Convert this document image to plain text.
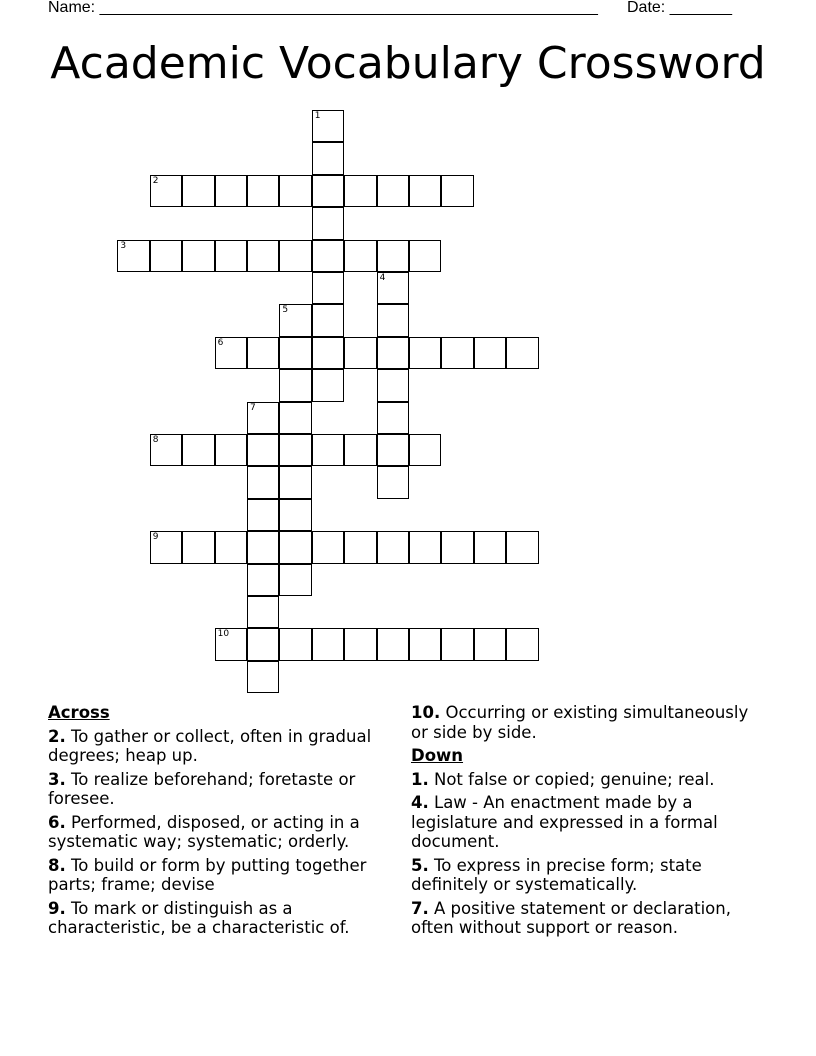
Name: ________________________________________________________ Date: _______
Academic Vocabulary Crossword
1
2
3
4
5
6
7
8
9
10
Across
2. To gather or collect, often in gradual degrees; heap up.
3. To realize beforehand; foretaste or foresee.
6. Performed, disposed, or acting in a systematic way; systematic; orderly.
8. To build or form by putting together parts; frame; devise
9. To mark or distinguish as a characteristic, be a characteristic of.
10. Occurring or existing simultaneously or side by side.
Down
1. Not false or copied; genuine; real.
4. Law - An enactment made by a legislature and expressed in a formal document.
5. To express in precise form; state definitely or systematically.
7. A positive statement or declaration, often without support or reason.
